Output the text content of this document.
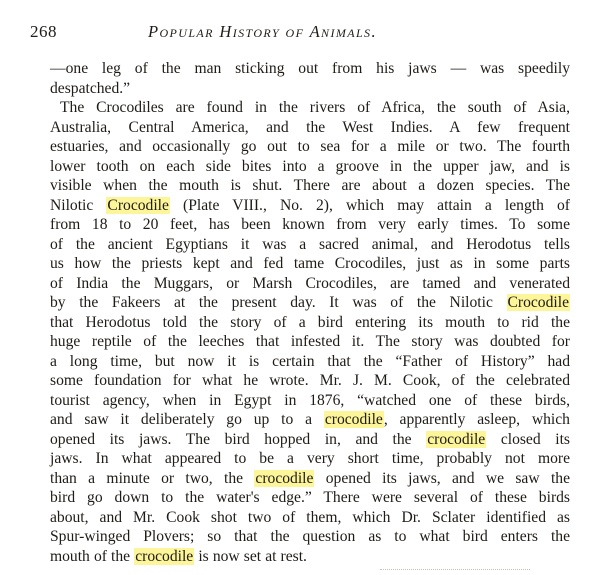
268	Popular History of Animals.
—one leg of the man sticking out from his jaws — was speedily
despatched.”
The Crocodiles are found in the rivers of Africa, the south of Asia,
Australia, Central America, and the West Indies. A few frequent
estuaries, and occasionally go out to sea for a mile or two. The fourth
lower tooth on each side bites into a groove in the upper jaw, and is
visible when the mouth is shut. There are about a dozen species. The
Nilotic Crocodile (Plate VIII., No. 2), which may attain a length of
from 18 to 20 feet, has been known from very early times. To some
of the ancient Egyptians it was a sacred animal, and Herodotus tells
us how the priests kept and fed tame Crocodiles, just as in some parts
of India the Muggars, or Marsh Crocodiles, are tamed and venerated
by the Fakeers at the present day. It was of the Nilotic Crocodile
that Herodotus told the story of a bird entering its mouth to rid the
huge reptile of the leeches that infested it. The story was doubted for
a long time, but now it is certain that the “Father of History” had
some foundation for what he wrote. Mr. J. M. Cook, of the celebrated
tourist agency, when in Egypt in 1876, “watched one of these birds,
and saw it deliberately go up to a crocodile, apparently asleep, which
opened its jaws. The bird hopped in, and the crocodile closed its
jaws. In what appeared to be a very short time, probably not more
than a minute or two, the crocodile opened its jaws, and we saw the
bird go down to the water's edge.” There were several of these birds
about, and Mr. Cook shot two of them, which Dr. Sclater identified as
Spur-winged Plovers; so that the question as to what bird enters the
mouth of the crocodile is now set at rest.
